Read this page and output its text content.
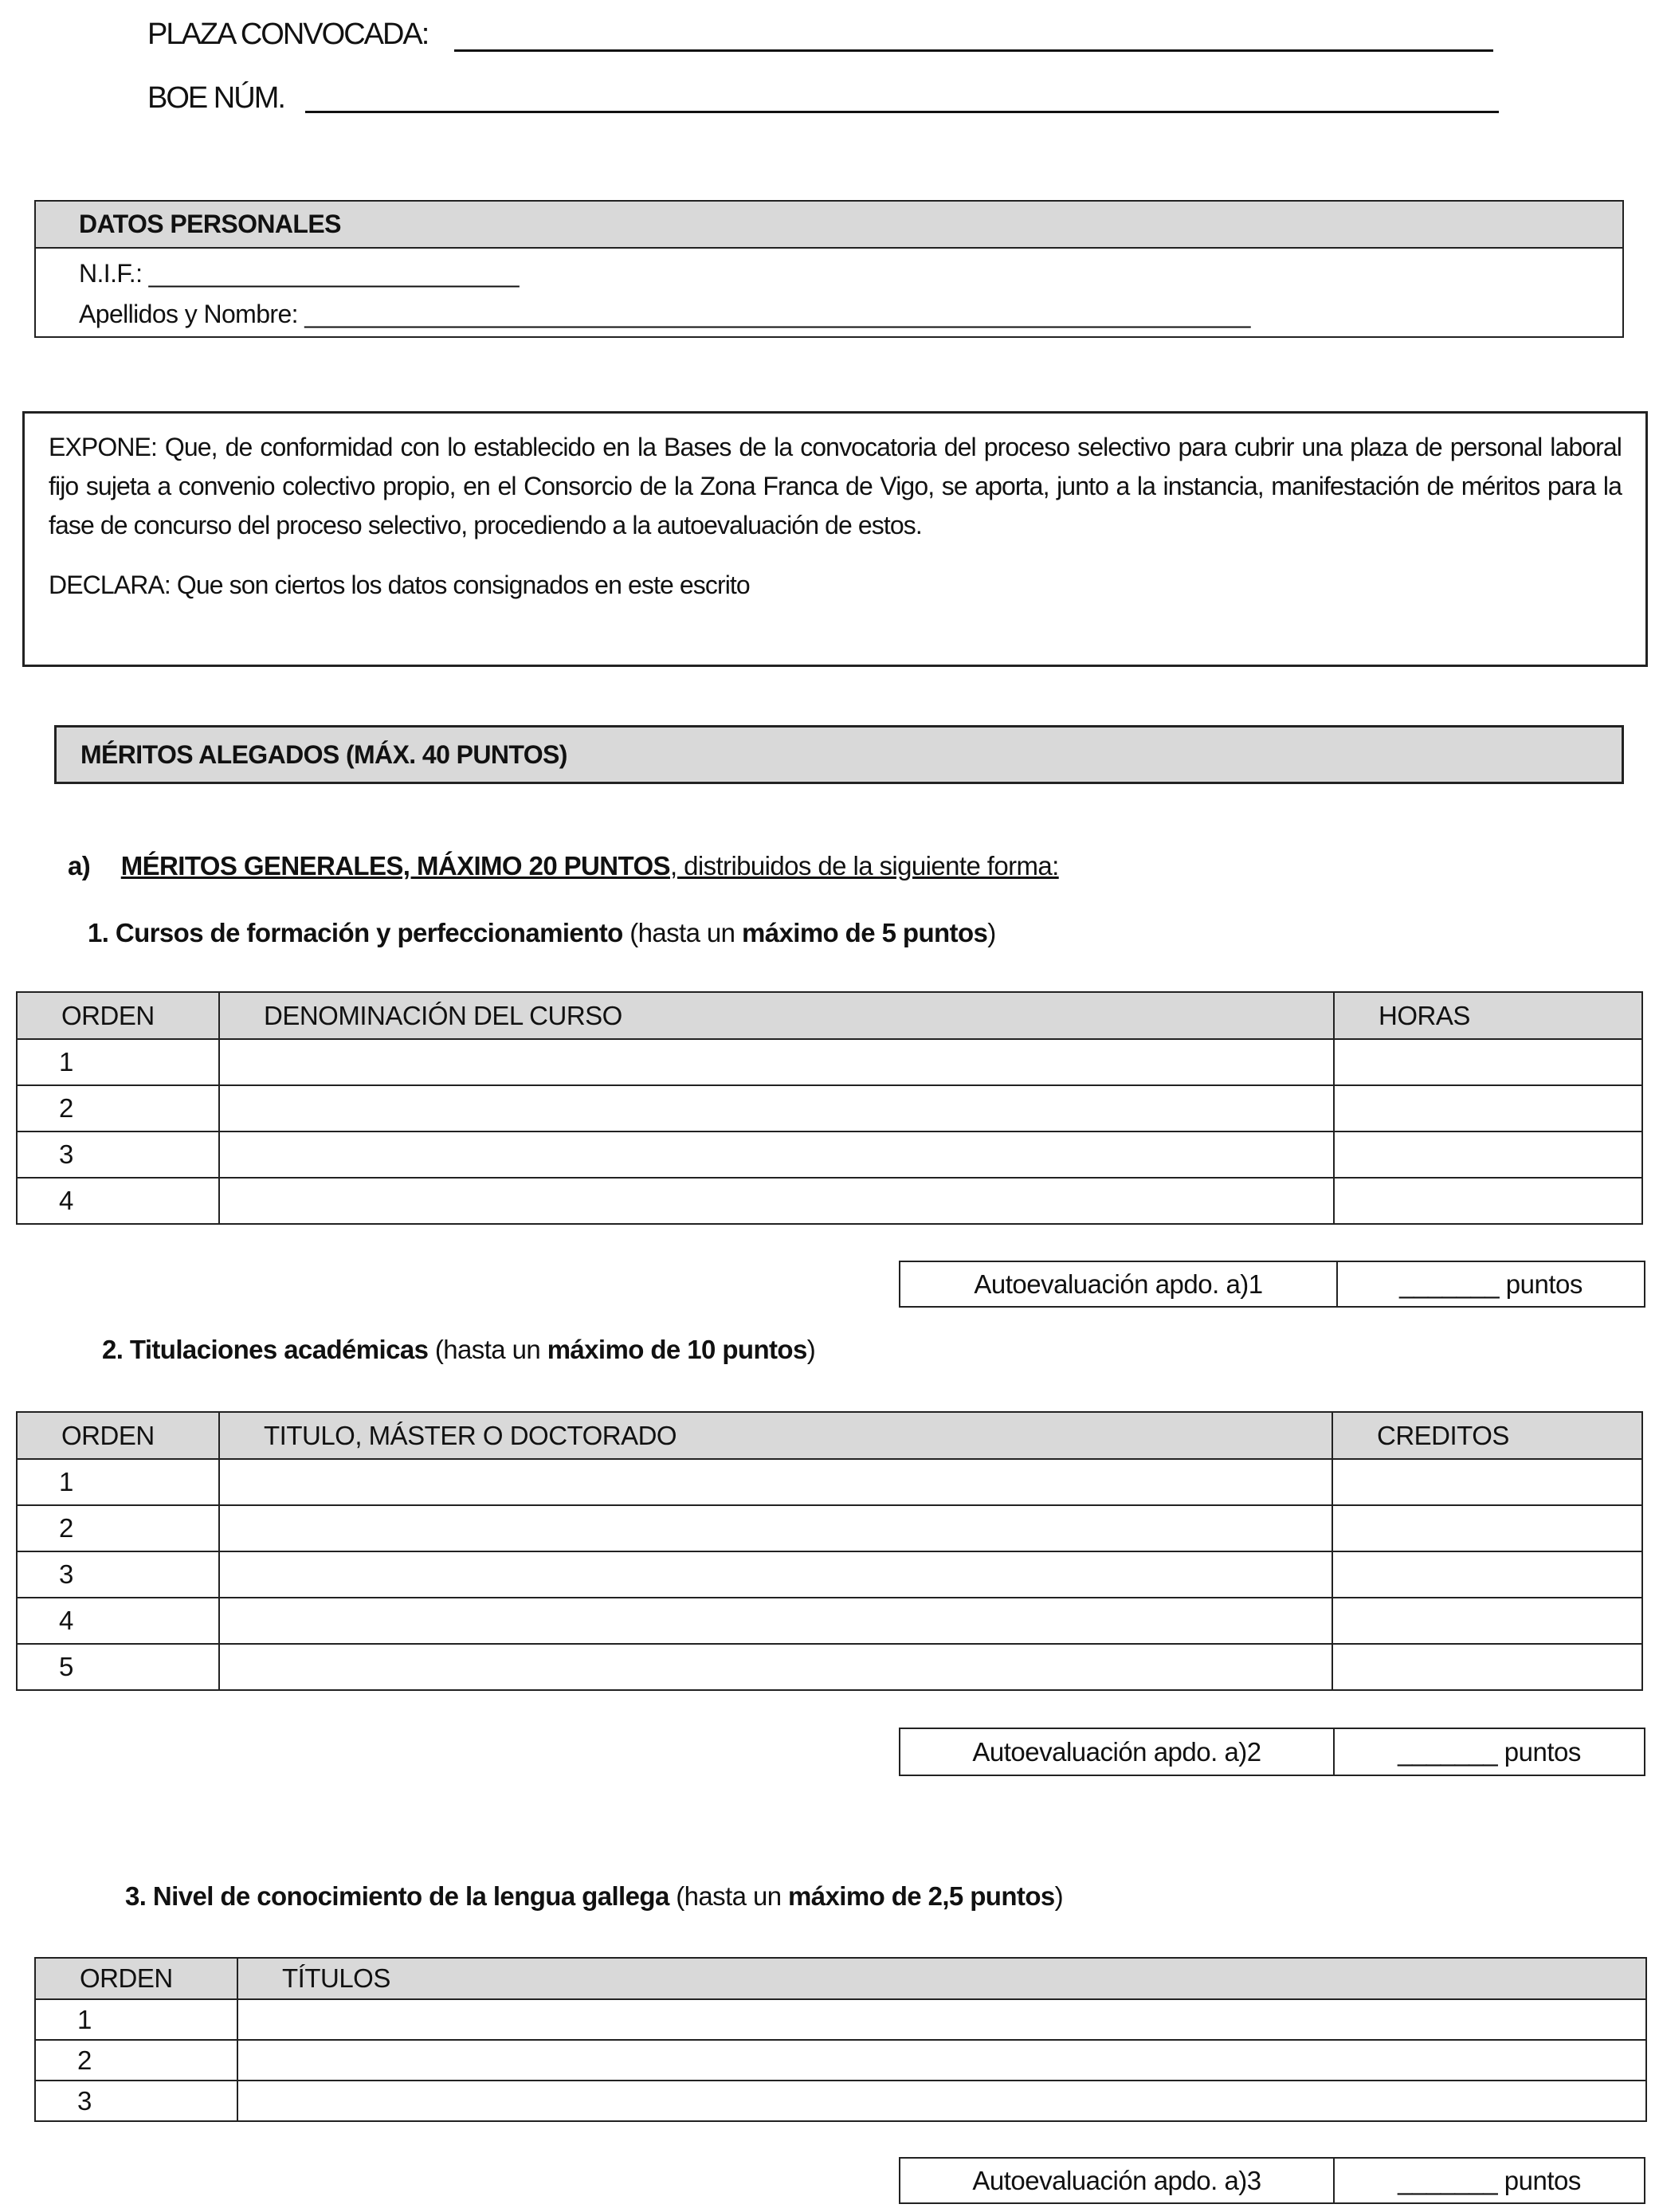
PLAZA CONVOCADA:
BOE NÚM.
DATOS PERSONALES
N.I.F.: ___________________________
Apellidos y Nombre: _____________________________________________________________________

EXPONE: Que, de conformidad con lo establecido en la Bases de la convocatoria del proceso selectivo para cubrir una plaza de personal laboral fijo sujeta a convenio colectivo propio, en el Consorcio de la Zona Franca de Vigo, se aporta, junto a la instancia, manifestación de méritos para la fase de concurso del proceso selectivo, procediendo a la autoevaluación de estos.

DECLARA: Que son ciertos los datos consignados en este escrito

MÉRITOS ALEGADOS (MÁX. 40 PUNTOS)
a) MÉRITOS GENERALES, MÁXIMO 20 PUNTOS, distribuidos de la siguiente forma:
1. Cursos de formación y perfeccionamiento (hasta un máximo de 5 puntos)
ORDEN	DENOMINACIÓN DEL CURSO	HORAS
1		
2		
3		
4		
Autoevaluación apdo. a)1	_______ puntos
2. Titulaciones académicas (hasta un máximo de 10 puntos)
ORDEN	TITULO, MÁSTER O DOCTORADO	CREDITOS
1		
2		
3		
4		
5		
Autoevaluación apdo. a)2	_______ puntos
3. Nivel de conocimiento de la lengua gallega (hasta un máximo de 2,5 puntos)
ORDEN	TÍTULOS
1	
2	
3	
Autoevaluación apdo. a)3	_______ puntos
